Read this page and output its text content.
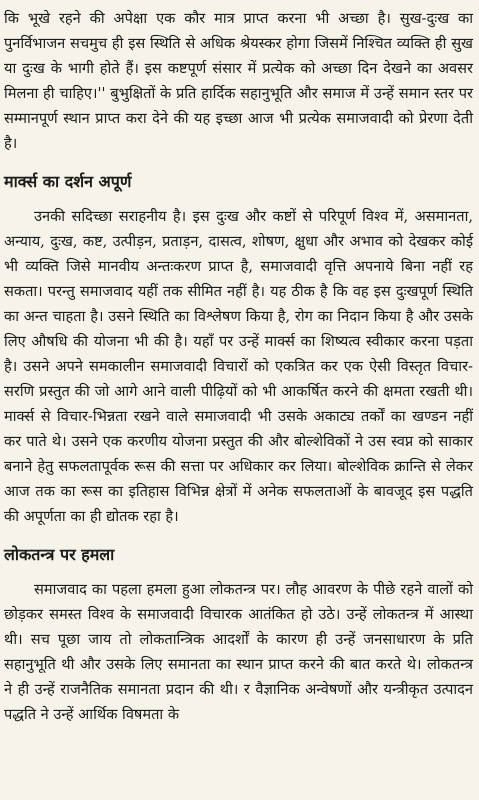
कि भूखे रहने की अपेक्षा एक कौर मात्र प्राप्त करना भी अच्छा है। सुख-दुःख का पुनर्विभाजन सचमुच ही इस स्थिति से अधिक श्रेयस्कर होगा जिसमें निश्चित व्यक्ति ही सुख या दुःख के भागी होते हैं। इस कष्टपूर्ण संसार में प्रत्येक को अच्छा दिन देखने का अवसर मिलना ही चाहिए।'' बुभुक्षितों के प्रति हार्दिक सहानुभूति और समाज में उन्हें समान स्तर पर सम्मानपूर्ण स्थान प्राप्त करा देने की यह इच्छा आज भी प्रत्येक समाजवादी को प्रेरणा देती है।

मार्क्स का दर्शन अपूर्ण

उनकी सदिच्छा सराहनीय है। इस दुःख और कष्टों से परिपूर्ण विश्व में, असमानता, अन्याय, दुःख, कष्ट, उत्पीड़न, प्रताड़न, दासत्व, शोषण, क्षुधा और अभाव को देखकर कोई भी व्यक्ति जिसे मानवीय अन्तःकरण प्राप्त है, समाजवादी वृत्ति अपनाये बिना नहीं रह सकता। परन्तु समाजवाद यहीं तक सीमित नहीं है। यह ठीक है कि वह इस दुःखपूर्ण स्थिति का अन्त चाहता है। उसने स्थिति का विश्लेषण किया है, रोग का निदान किया है और उसके लिए औषधि की योजना भी की है। यहाँ पर उन्हें मार्क्स का शिष्यत्व स्वीकार करना पड़ता है। उसने अपने समकालीन समाजवादी विचारों को एकत्रित कर एक ऐसी विस्तृत विचार-सरणि प्रस्तुत की जो आगे आने वाली पीढ़ियों को भी आकर्षित करने की क्षमता रखती थी। मार्क्स से विचार-भिन्नता रखने वाले समाजवादी भी उसके अकाट्य तर्कों का खण्डन नहीं कर पाते थे। उसने एक करणीय योजना प्रस्तुत की और बोल्शेविकों ने उस स्वप्न को साकार बनाने हेतु सफलतापूर्वक रूस की सत्ता पर अधिकार कर लिया। बोल्शेविक क्रान्ति से लेकर आज तक का रूस का इतिहास विभिन्न क्षेत्रों में अनेक सफलताओं के बावजूद इस पद्धति की अपूर्णता का ही द्योतक रहा है।

लोकतन्त्र पर हमला

समाजवाद का पहला हमला हुआ लोकतन्त्र पर। लौह आवरण के पीछे रहने वालों को छोड़कर समस्त विश्व के समाजवादी विचारक आतंकित हो उठे। उन्हें लोकतन्त्र में आस्था थी। सच पूछा जाय तो लोकतान्त्रिक आदर्शों के कारण ही उन्हें जनसाधारण के प्रति सहानुभूति थी और उसके लिए समानता का स्थान प्राप्त करने की बात करते थे। लोकतन्त्र ने ही उन्हें राजनैतिक समानता प्रदान की थी। र वैज्ञानिक अन्वेषणों और यन्त्रीकृत उत्पादन पद्धति ने उन्हें आर्थिक विषमता के
